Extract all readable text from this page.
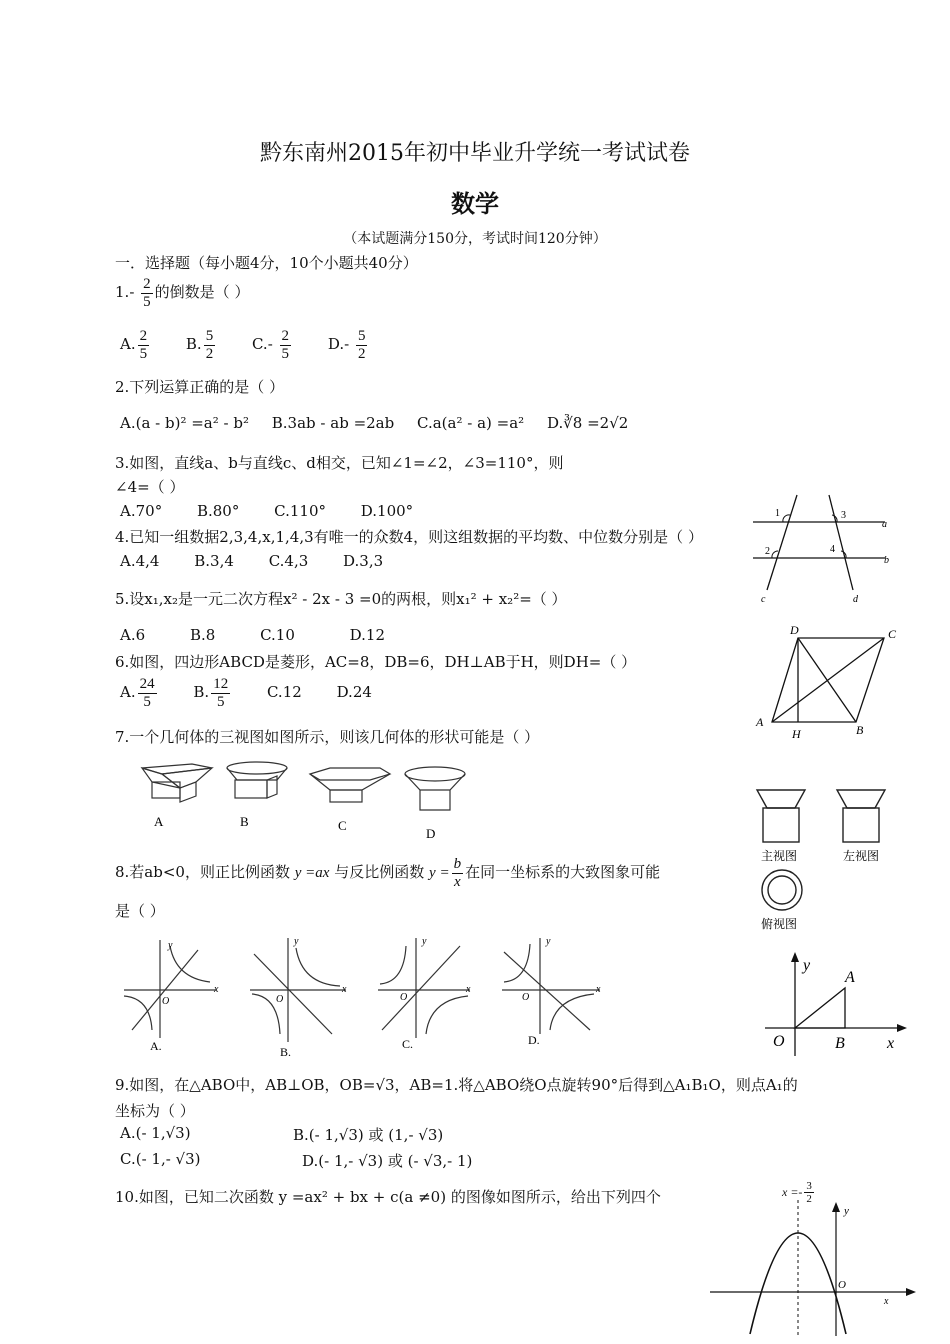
黔东南州2015年初中毕业升学统一考试试卷
数学
（本试题满分150分，考试时间120分钟）
一．选择题（每小题4分，10个小题共40分）
$1.- \frac{2}{5}$ 的倒数是（ ）
A. $\frac{2}{5} B$. $\frac{5}{2} C.- \frac{2}{5} D.- \frac{5}{2}$
2.下列运算正确的是（ ）
A.(a - b)² =a² - b² B.3ab - ab =2ab C.a(a² - a) =a² D.∛8 =2√2
3.如图，直线a、b与直线c、d相交，已知∠1=∠2，∠3=110°，则
∠4=（ ）
A.70° B.80° C.110° D.100°	1	3
2	4
a
b
c	d
4.已知一组数据2,3,4,x,1,4,3有唯一的众数4，则这组数据的平均数、中位数分别是（ ）
A.4,4 B.3,4 C.4,3 D.3,3
5.设x₁,x₂是一元二次方程x² - 2x - 3 =0的两根，则x₁² + x₂²=（ ）
A.6	B.8	C.10	D.12
6.如图，四边形ABCD是菱形，AC=8，DB=6，DH⊥AB于H，则DH=（ ）
A. $\frac{24}{5} B$. $\frac{12}{5} C.12$ D.24
D	C
A
H	B
7.一个几何体的三视图如图所示，则该几何体的形状可能是（ ）
A	B	C
D
主视图	左视图
俯视图
8.若ab<0，则正比例函数 y =ax 与反比例函数 $y = \frac{b}{x}$ 在同一坐标系的大致图象可能
是（ ）
x
y
O
A.
x
y
O
B.
x
y
O
C.
x
y
O
D.
y
A
O	B	x
9.如图，在△ABO中，AB⊥OB，OB=√3，AB=1.将△ABO绕O点旋转90°后得到△A₁B₁O，则点A₁的
坐标为（ ）
A.(- 1,√3)	B.(- 1,√3) 或 (1,- √3)
C.(- 1,- √3)	D.(- 1,- √3) 或 (- √3,- 1)
10.如图，已知二次函数 y =ax² + bx + c(a ≠0) 的图像如图所示，给出下列四个	$x =- \frac{3}{2}$
y
O
x
